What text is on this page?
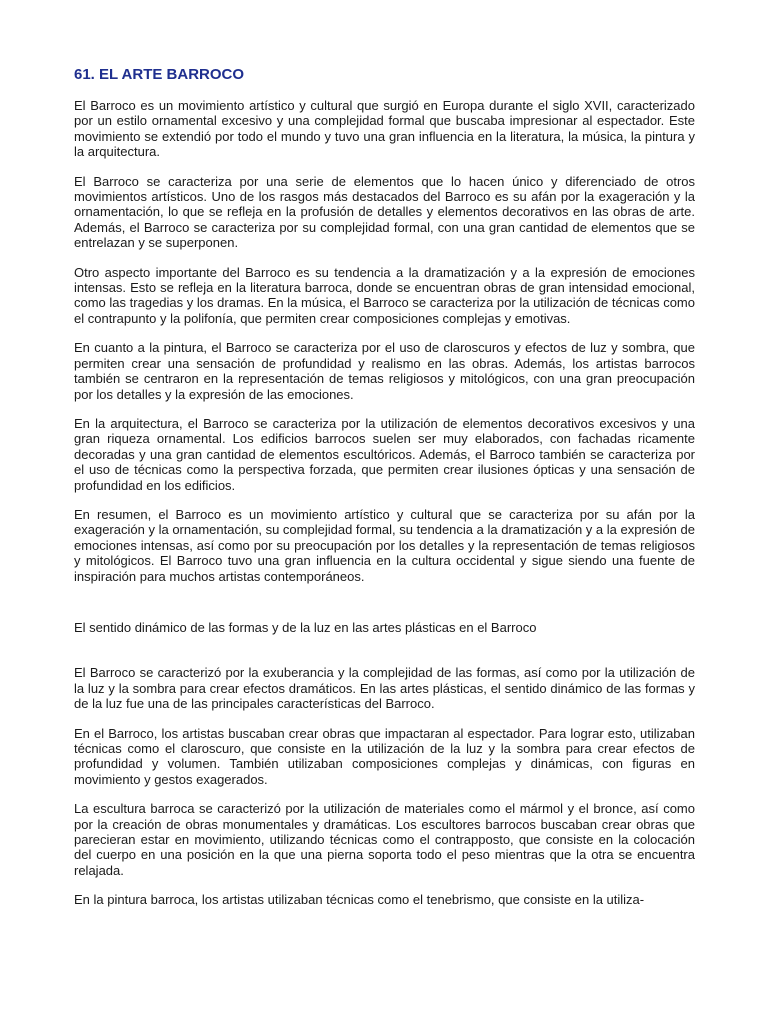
61. EL ARTE BARROCO

El Barroco es un movimiento artístico y cultural que surgió en Europa durante el siglo XVII, caracterizado por un estilo ornamental excesivo y una complejidad formal que buscaba impresionar al espectador. Este movimiento se extendió por todo el mundo y tuvo una gran influencia en la literatura, la música, la pintura y la arquitectura.

El Barroco se caracteriza por una serie de elementos que lo hacen único y diferenciado de otros movimientos artísticos. Uno de los rasgos más destacados del Barroco es su afán por la exageración y la ornamentación, lo que se refleja en la profusión de detalles y elementos decorativos en las obras de arte. Además, el Barroco se caracteriza por su complejidad formal, con una gran cantidad de elementos que se entrelazan y se superponen.

Otro aspecto importante del Barroco es su tendencia a la dramatización y a la expresión de emociones intensas. Esto se refleja en la literatura barroca, donde se encuentran obras de gran intensidad emocional, como las tragedias y los dramas. En la música, el Barroco se caracteriza por la utilización de técnicas como el contrapunto y la polifonía, que permiten crear composiciones complejas y emotivas.

En cuanto a la pintura, el Barroco se caracteriza por el uso de claroscuros y efectos de luz y sombra, que permiten crear una sensación de profundidad y realismo en las obras. Además, los artistas barrocos también se centraron en la representación de temas religiosos y mitológicos, con una gran preocupación por los detalles y la expresión de las emociones.

En la arquitectura, el Barroco se caracteriza por la utilización de elementos decorativos excesivos y una gran riqueza ornamental. Los edificios barrocos suelen ser muy elaborados, con fachadas ricamente decoradas y una gran cantidad de elementos escultóricos. Además, el Barroco también se caracteriza por el uso de técnicas como la perspectiva forzada, que permiten crear ilusiones ópticas y una sensación de profundidad en los edificios.

En resumen, el Barroco es un movimiento artístico y cultural que se caracteriza por su afán por la exageración y la ornamentación, su complejidad formal, su tendencia a la dramatización y a la expresión de emociones intensas, así como por su preocupación por los detalles y la representación de temas religiosos y mitológicos. El Barroco tuvo una gran influencia en la cultura occidental y sigue siendo una fuente de inspiración para muchos artistas contemporáneos.

El sentido dinámico de las formas y de la luz en las artes plásticas en el Barroco

El Barroco se caracterizó por la exuberancia y la complejidad de las formas, así como por la utilización de la luz y la sombra para crear efectos dramáticos. En las artes plásticas, el sentido dinámico de las formas y de la luz fue una de las principales características del Barroco.

En el Barroco, los artistas buscaban crear obras que impactaran al espectador. Para lograr esto, utilizaban técnicas como el claroscuro, que consiste en la utilización de la luz y la sombra para crear efectos de profundidad y volumen. También utilizaban composiciones complejas y dinámicas, con figuras en movimiento y gestos exagerados.

La escultura barroca se caracterizó por la utilización de materiales como el mármol y el bronce, así como por la creación de obras monumentales y dramáticas. Los escultores barrocos buscaban crear obras que parecieran estar en movimiento, utilizando técnicas como el contrapposto, que consiste en la colocación del cuerpo en una posición en la que una pierna soporta todo el peso mientras que la otra se encuentra relajada.

En la pintura barroca, los artistas utilizaban técnicas como el tenebrismo, que consiste en la utiliza-
